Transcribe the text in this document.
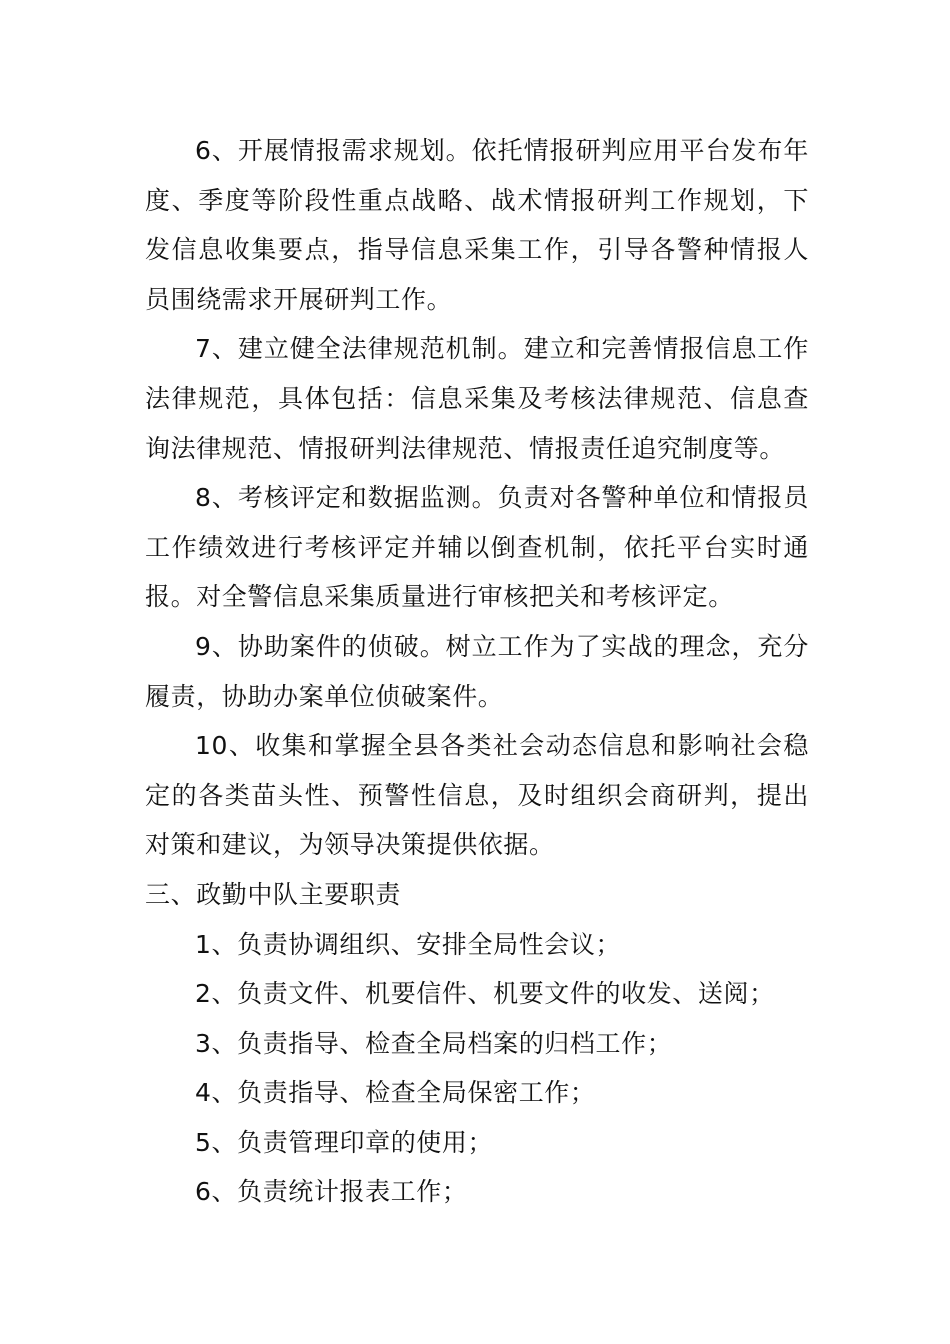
6、开展情报需求规划。依托情报研判应用平台发布年度、季度等阶段性重点战略、战术情报研判工作规划，下发信息收集要点，指导信息采集工作，引导各警种情报人员围绕需求开展研判工作。

7、建立健全法律规范机制。建立和完善情报信息工作法律规范，具体包括：信息采集及考核法律规范、信息查询法律规范、情报研判法律规范、情报责任追究制度等。

8、考核评定和数据监测。负责对各警种单位和情报员工作绩效进行考核评定并辅以倒查机制，依托平台实时通报。对全警信息采集质量进行审核把关和考核评定。

9、协助案件的侦破。树立工作为了实战的理念，充分履责，协助办案单位侦破案件。

10、收集和掌握全县各类社会动态信息和影响社会稳定的各类苗头性、预警性信息，及时组织会商研判，提出对策和建议，为领导决策提供依据。

三、政勤中队主要职责

1、负责协调组织、安排全局性会议；

2、负责文件、机要信件、机要文件的收发、送阅；

3、负责指导、检查全局档案的归档工作；

4、负责指导、检查全局保密工作；

5、负责管理印章的使用；

6、负责统计报表工作；
